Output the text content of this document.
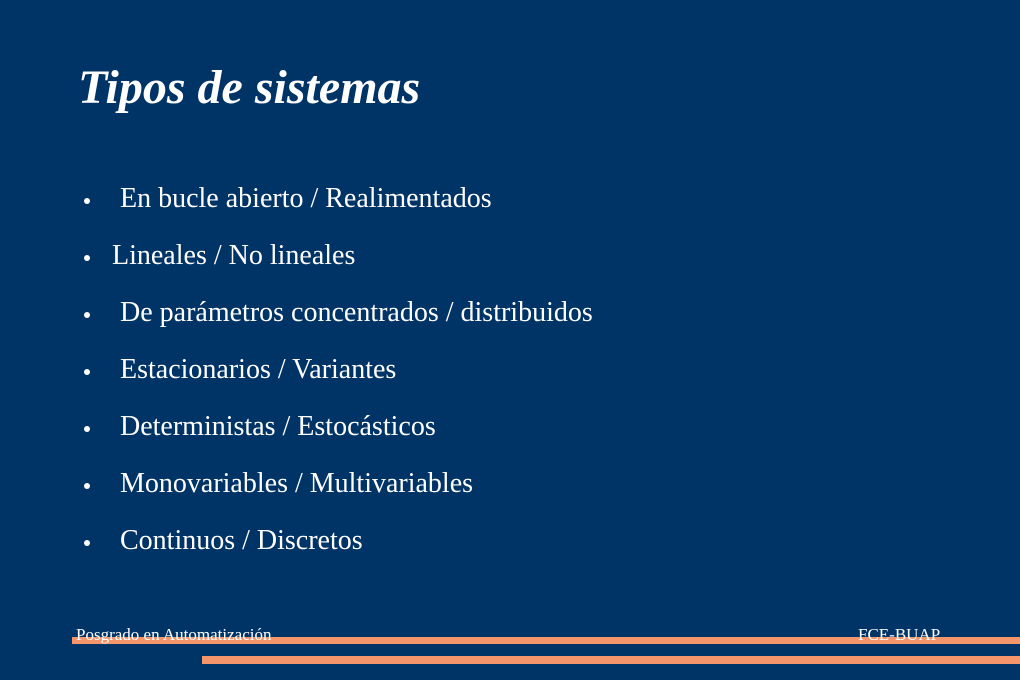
Tipos de sistemas
En bucle abierto / Realimentados
Lineales / No lineales
De parámetros concentrados / distribuidos
Estacionarios / Variantes
Deterministas / Estocásticos
Monovariables / Multivariables
Continuos / Discretos
Posgrado en Automatización	FCE-BUAP
